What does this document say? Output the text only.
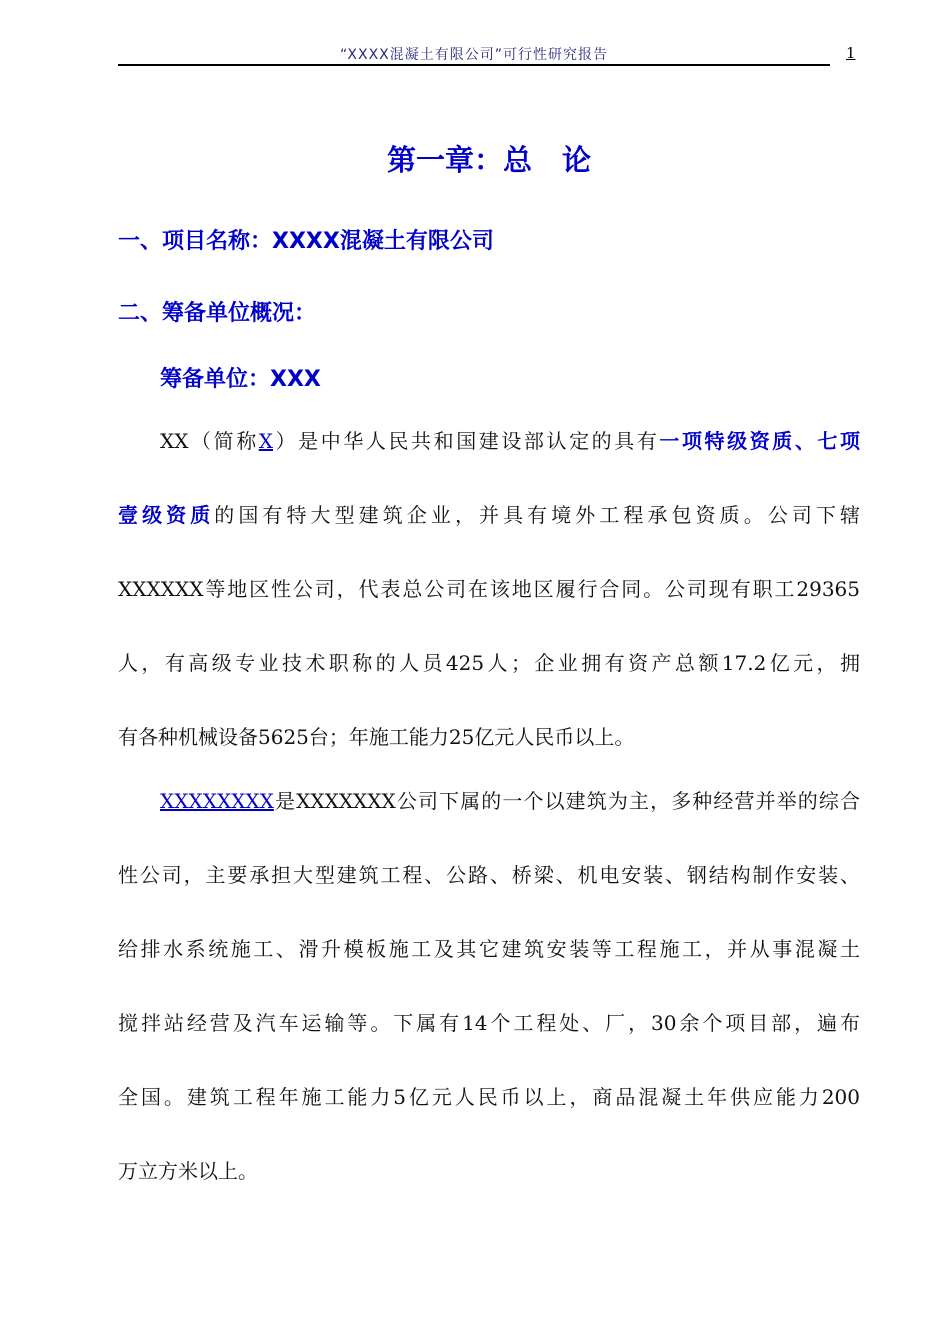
“XXXX混凝土有限公司”可行性研究报告	1
第一章：总 论
一、项目名称：XXXX混凝土有限公司
二、筹备单位概况：
筹备单位：XXX
XX（简称X）是中华人民共和国建设部认定的具有一项特级资质、七项
壹级资质的国有特大型建筑企业，并具有境外工程承包资质。公司下辖
XXXXXX等地区性公司，代表总公司在该地区履行合同。公司现有职工29365
人，有高级专业技术职称的人员425人；企业拥有资产总额17.2亿元，拥
有各种机械设备5625台；年施工能力25亿元人民币以上。
XXXXXXXX是XXXXXXX公司下属的一个以建筑为主，多种经营并举的综合
性公司，主要承担大型建筑工程、公路、桥梁、机电安装、钢结构制作安装、
给排水系统施工、滑升模板施工及其它建筑安装等工程施工，并从事混凝土
搅拌站经营及汽车运输等。下属有14个工程处、厂，30余个项目部，遍布
全国。建筑工程年施工能力5亿元人民币以上，商品混凝土年供应能力200
万立方米以上。
